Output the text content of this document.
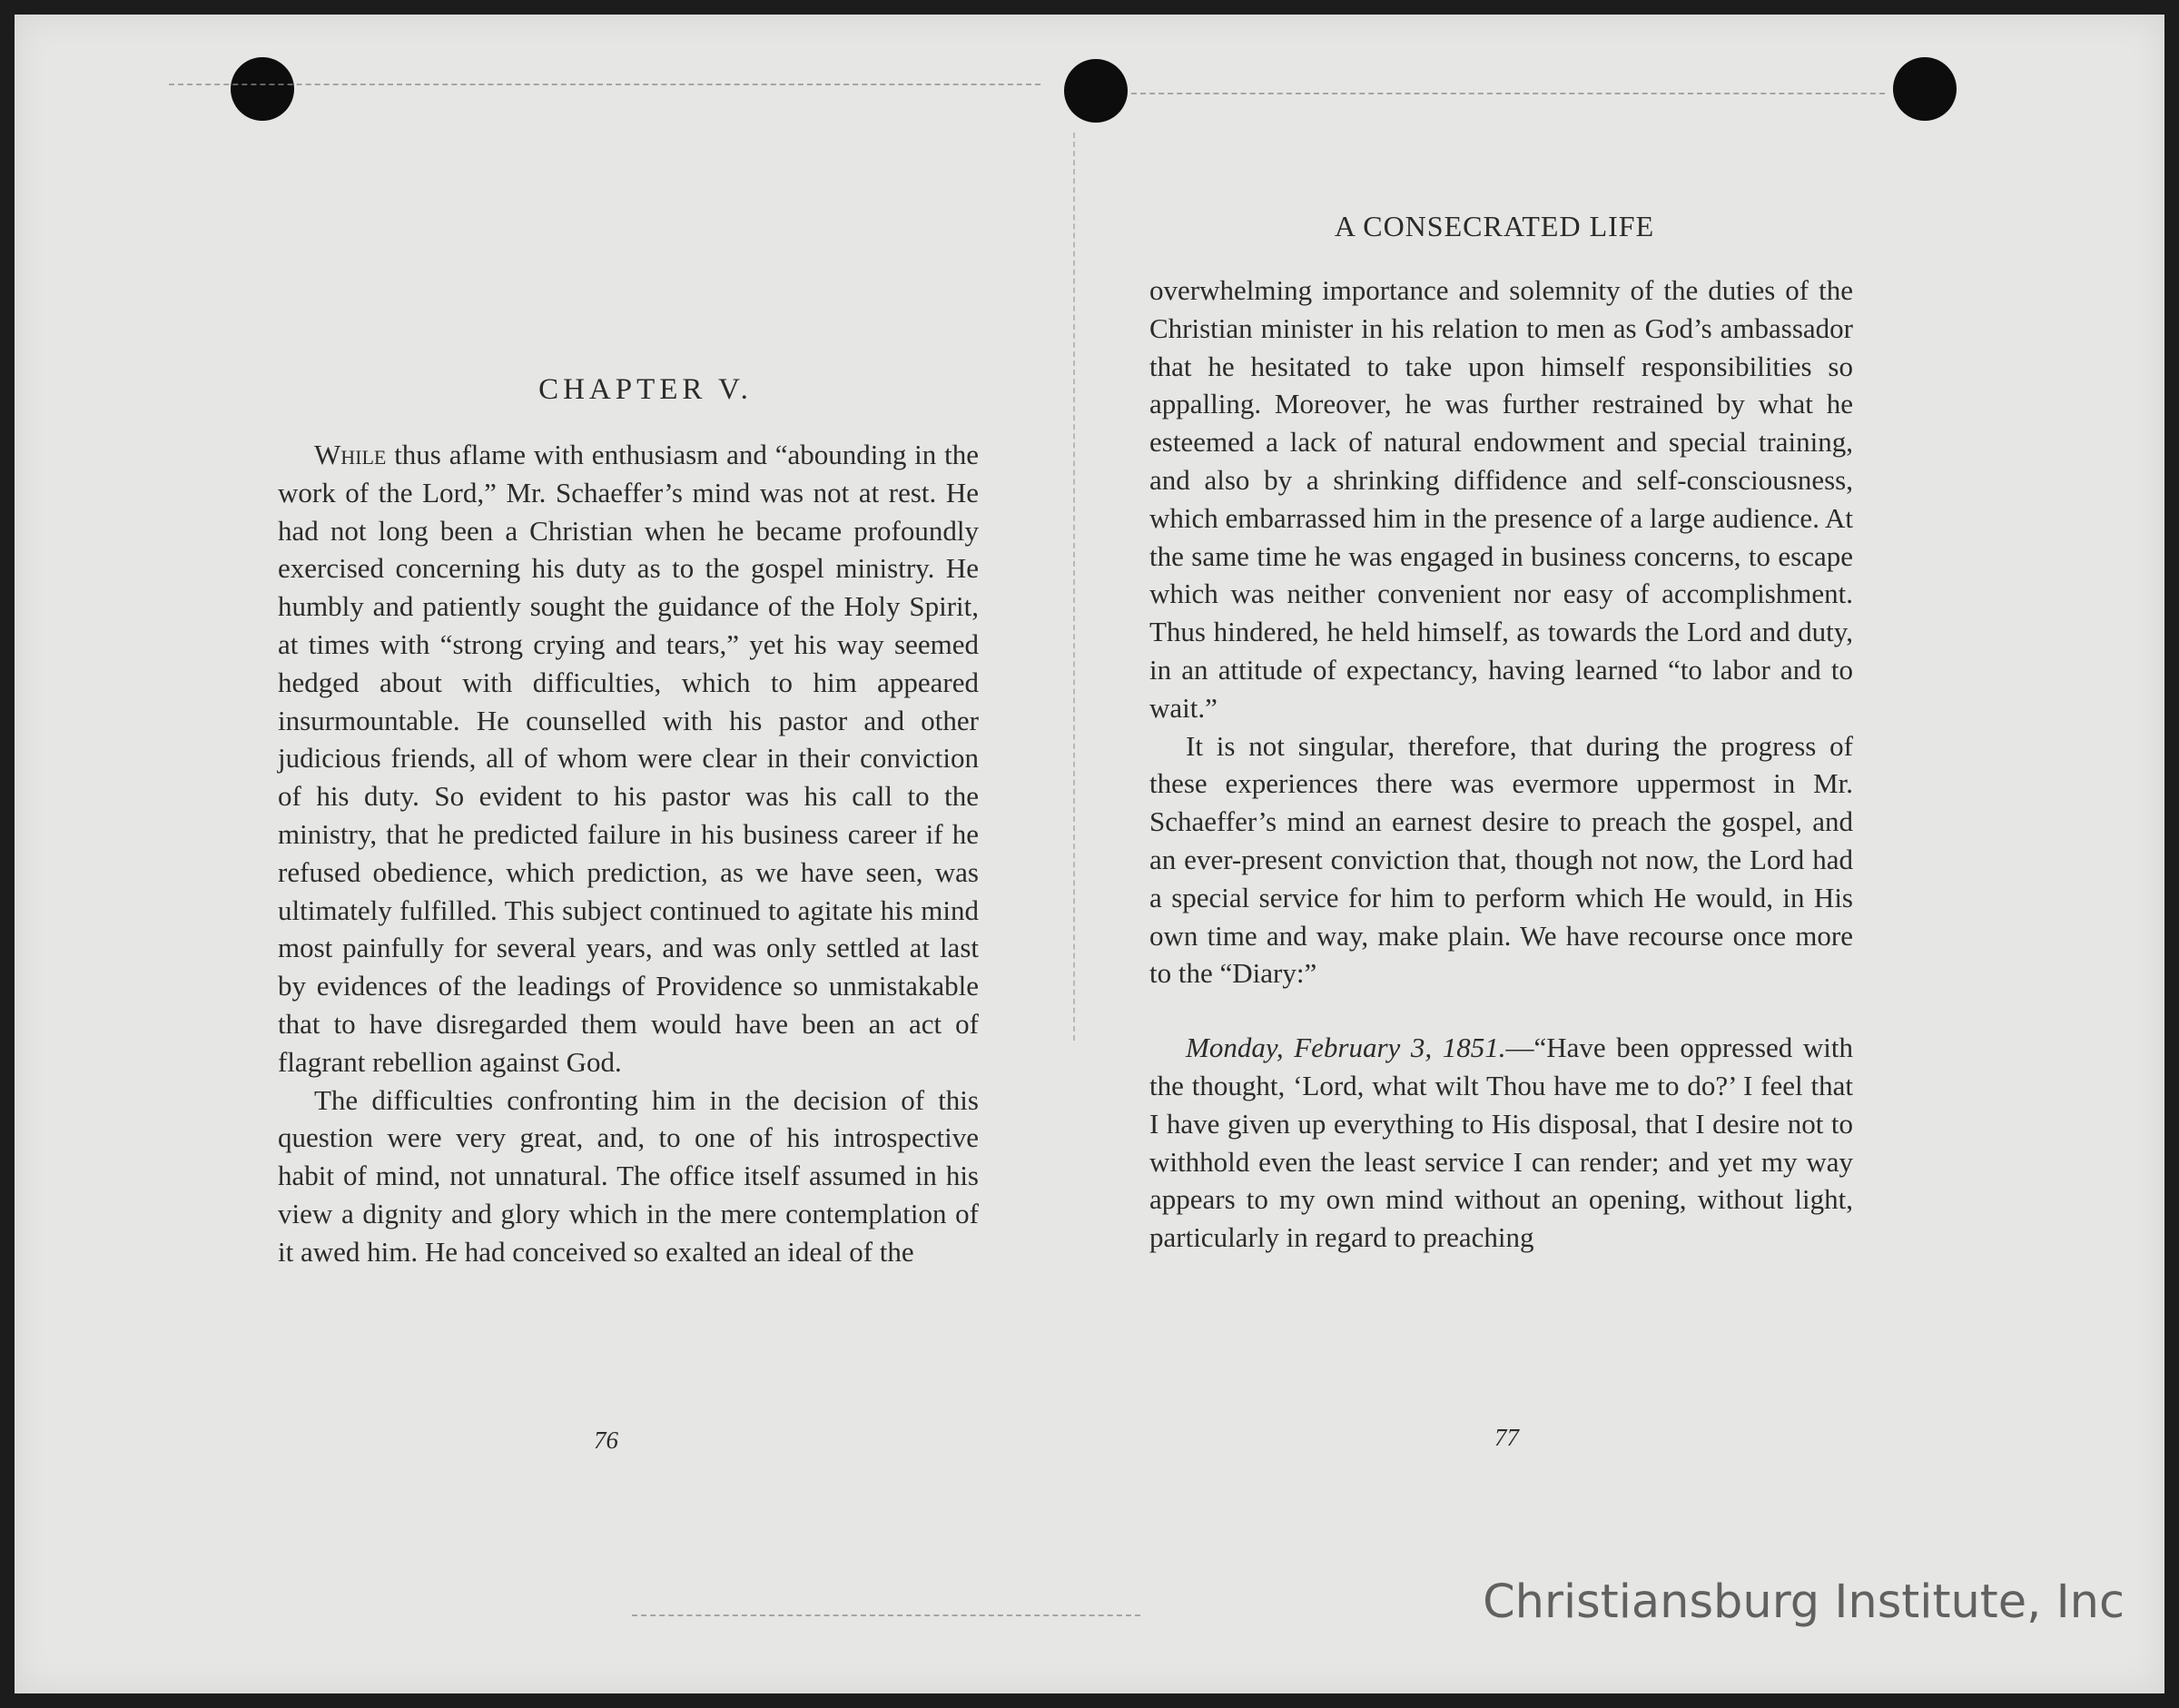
CHAPTER V.

While thus aflame with enthusiasm and “abounding in the work of the Lord,” Mr. Schaeffer’s mind was not at rest. He had not long been a Christian when he became profoundly exercised concerning his duty as to the gospel ministry. He humbly and patiently sought the guidance of the Holy Spirit, at times with “strong crying and tears,” yet his way seemed hedged about with difficulties, which to him appeared insurmountable. He counselled with his pastor and other judicious friends, all of whom were clear in their conviction of his duty. So evident to his pastor was his call to the ministry, that he predicted failure in his business career if he refused obedience, which prediction, as we have seen, was ultimately fulfilled. This subject continued to agitate his mind most painfully for several years, and was only settled at last by evidences of the leadings of Providence so unmistakable that to have disregarded them would have been an act of flagrant rebellion against God.

The difficulties confronting him in the decision of this question were very great, and, to one of his introspective habit of mind, not unnatural. The office itself assumed in his view a dignity and glory which in the mere contemplation of it awed him. He had conceived so exalted an ideal of the

76
A CONSECRATED LIFE

overwhelming importance and solemnity of the duties of the Christian minister in his relation to men as God’s ambassador that he hesitated to take upon himself responsibilities so appalling. Moreover, he was further restrained by what he esteemed a lack of natural endowment and special training, and also by a shrinking diffidence and self-consciousness, which embarrassed him in the presence of a large audience. At the same time he was engaged in business concerns, to escape which was neither convenient nor easy of accomplishment. Thus hindered, he held himself, as towards the Lord and duty, in an attitude of expectancy, having learned “to labor and to wait.”

It is not singular, therefore, that during the progress of these experiences there was evermore uppermost in Mr. Schaeffer’s mind an earnest desire to preach the gospel, and an ever-present conviction that, though not now, the Lord had a special service for him to perform which He would, in His own time and way, make plain. We have recourse once more to the “Diary:”

Monday, February 3, 1851.—“Have been oppressed with the thought, ‘Lord, what wilt Thou have me to do?’ I feel that I have given up everything to His disposal, that I desire not to withhold even the least service I can render; and yet my way appears to my own mind without an opening, without light, particularly in regard to preaching

77
Christiansburg Institute, Inc
